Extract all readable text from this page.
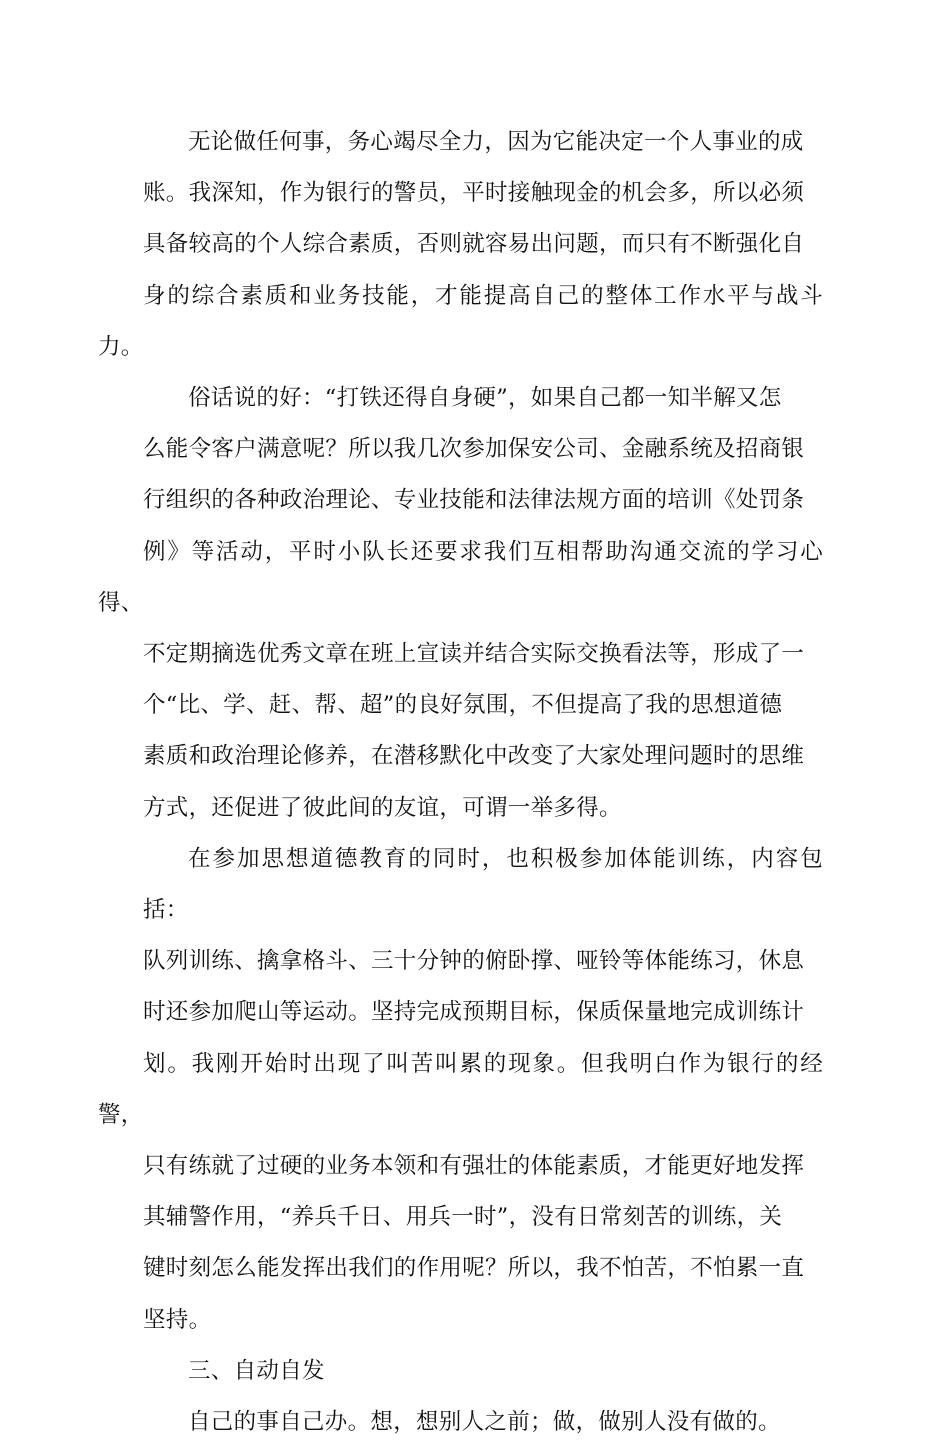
无论做任何事，务心竭尽全力，因为它能决定一个人事业的成
账。我深知，作为银行的警员，平时接触现金的机会多，所以必须
具备较高的个人综合素质，否则就容易出问题，而只有不断强化自
身的综合素质和业务技能，才能提高自己的整体工作水平与战斗力。

俗话说的好：“打铁还得自身硬”，如果自己都一知半解又怎
么能令客户满意呢？所以我几次参加保安公司、金融系统及招商银
行组织的各种政治理论、专业技能和法律法规方面的培训《处罚条
例》等活动，平时小队长还要求我们互相帮助沟通交流的学习心得、
不定期摘选优秀文章在班上宣读并结合实际交换看法等，形成了一
个“比、学、赶、帮、超”的良好氛围，不但提高了我的思想道德
素质和政治理论修养，在潜移默化中改变了大家处理问题时的思维
方式，还促进了彼此间的友谊，可谓一举多得。

在参加思想道德教育的同时，也积极参加体能训练，内容包括：
队列训练、擒拿格斗、三十分钟的俯卧撑、哑铃等体能练习，休息
时还参加爬山等运动。坚持完成预期目标，保质保量地完成训练计
划。我刚开始时出现了叫苦叫累的现象。但我明白作为银行的经警，
只有练就了过硬的业务本领和有强壮的体能素质，才能更好地发挥
其辅警作用，“养兵千日、用兵一时”，没有日常刻苦的训练，关
键时刻怎么能发挥出我们的作用呢？所以，我不怕苦，不怕累一直
坚持。

三、自动自发

自己的事自己办。想，想别人之前；做，做别人没有做的。
